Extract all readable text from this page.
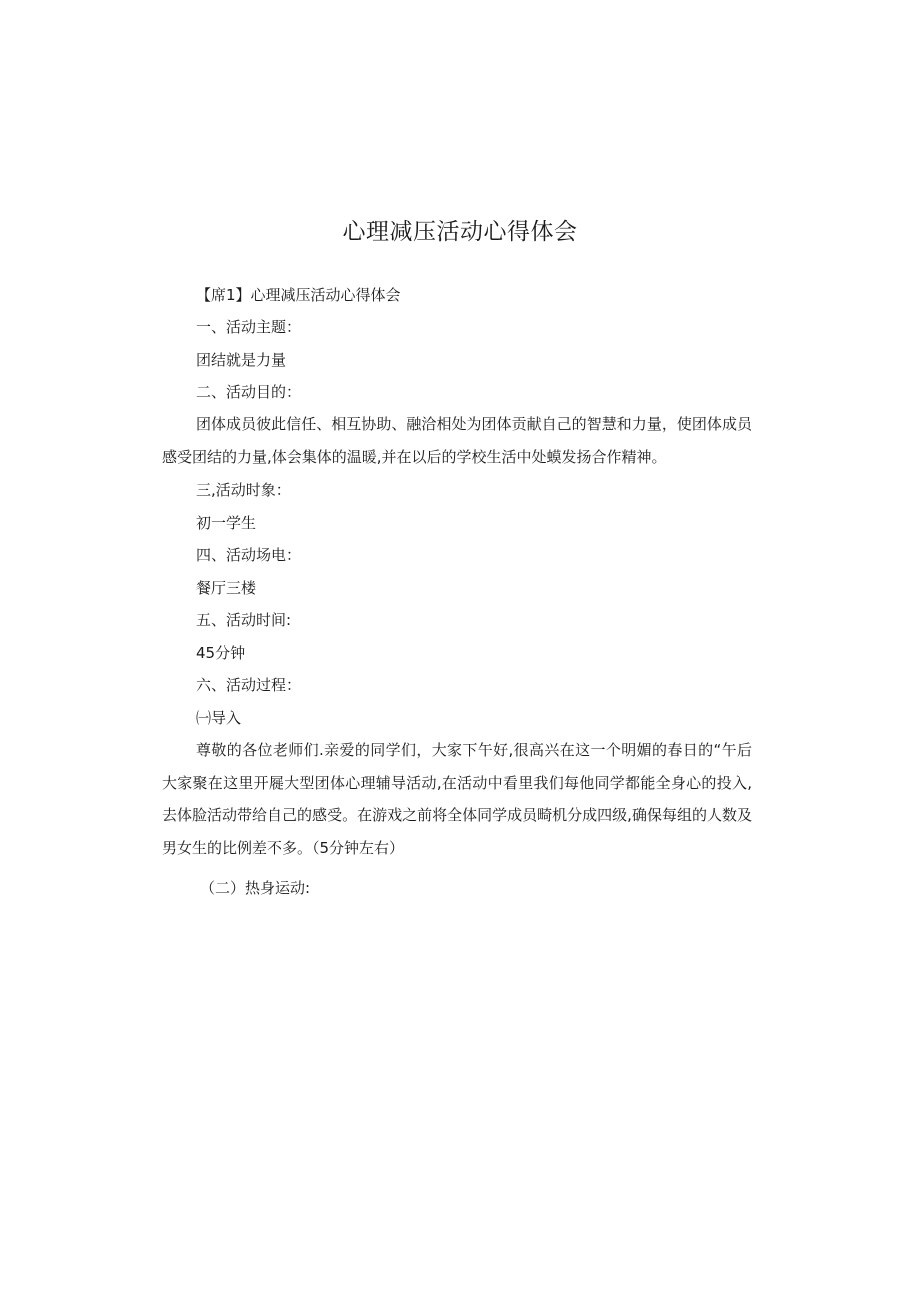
心理减压活动心得体会
【席1】心理减压活动心得体会
一、活动主题：
团结就是力量
二、活动目的：
团体成员彼此信任、相互协助、融洽相处为团体贡献自己的智慧和力量，使团体成员感受团结的力量,体会集体的温暖,并在以后的学校生活中处蟆发扬合作精神。
三,活动时象：
初一学生
四、活动场电：
餐厅三楼
五、活动时间:
45分钟
六、活动过程：
㈠导入
尊敬的各位老师们.亲爱的同学们，大家下午好,很高兴在这一个明媚的春日的“午后大家聚在这里开屣大型团体心理辅导活动,在活动中看里我们每他同学都能全身心的投入,去体脸活动带给自己的感受。在游戏之前将全体同学成员畸机分成四级,确保每组的人数及男女生的比例差不多。（5分钟左右）
（二）热身运动:
